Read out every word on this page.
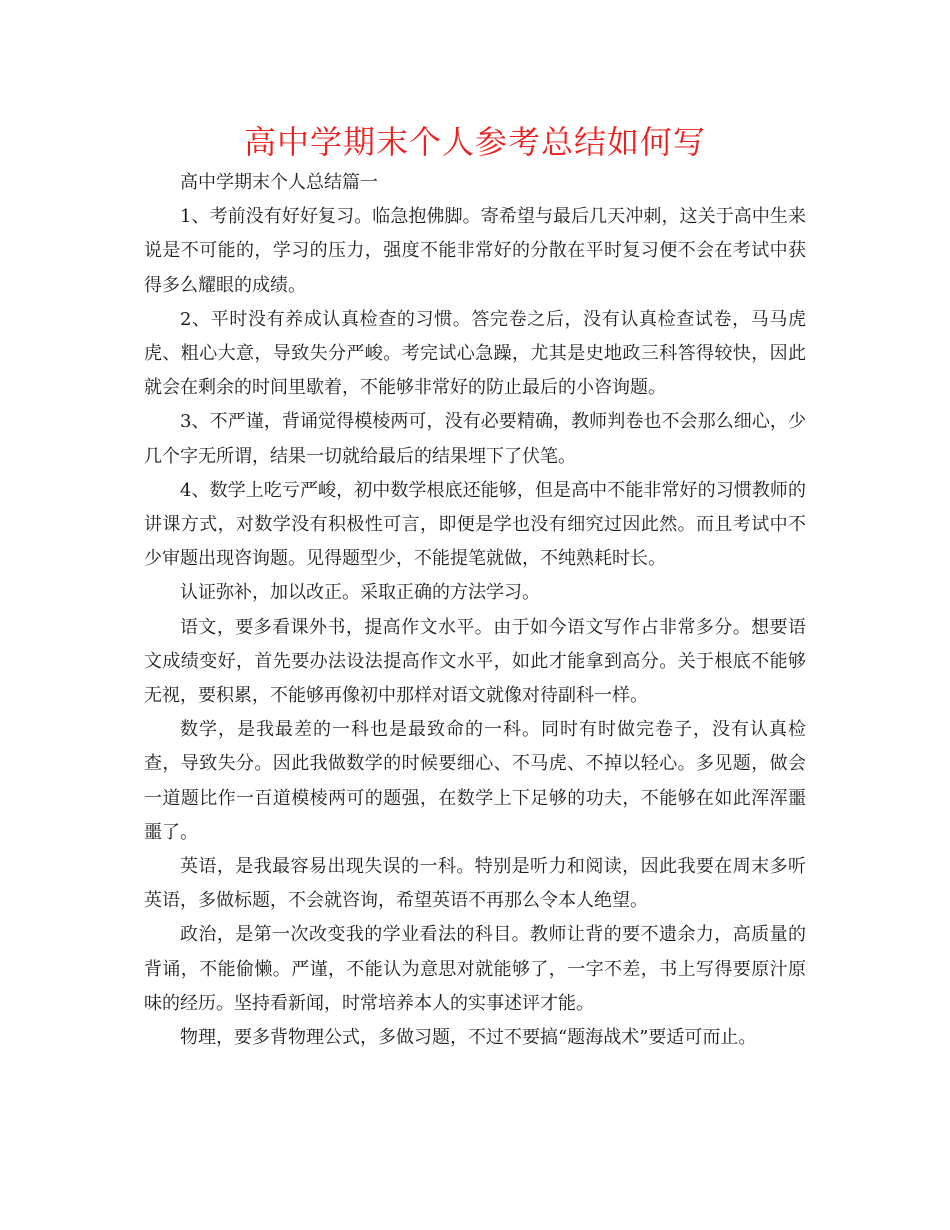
高中学期末个人参考总结如何写

高中学期末个人总结篇一

1、考前没有好好复习。临急抱佛脚。寄希望与最后几天冲刺，这关于高中生来说是不可能的，学习的压力，强度不能非常好的分散在平时复习便不会在考试中获得多么耀眼的成绩。

2、平时没有养成认真检查的习惯。答完卷之后，没有认真检查试卷，马马虎虎、粗心大意，导致失分严峻。考完试心急躁，尤其是史地政三科答得较快，因此就会在剩余的时间里歇着，不能够非常好的防止最后的小咨询题。

3、不严谨，背诵觉得模棱两可，没有必要精确，教师判卷也不会那么细心，少几个字无所谓，结果一切就给最后的结果埋下了伏笔。

4、数学上吃亏严峻，初中数学根底还能够，但是高中不能非常好的习惯教师的讲课方式，对数学没有积极性可言，即便是学也没有细究过因此然。而且考试中不少审题出现咨询题。见得题型少，不能提笔就做，不纯熟耗时长。

认证弥补，加以改正。采取正确的方法学习。

语文，要多看课外书，提高作文水平。由于如今语文写作占非常多分。想要语文成绩变好，首先要办法设法提高作文水平，如此才能拿到高分。关于根底不能够无视，要积累，不能够再像初中那样对语文就像对待副科一样。

数学，是我最差的一科也是最致命的一科。同时有时做完卷子，没有认真检查，导致失分。因此我做数学的时候要细心、不马虎、不掉以轻心。多见题，做会一道题比作一百道模棱两可的题强，在数学上下足够的功夫，不能够在如此浑浑噩噩了。

英语，是我最容易出现失误的一科。特别是听力和阅读，因此我要在周末多听英语，多做标题，不会就咨询，希望英语不再那么令本人绝望。

政治，是第一次改变我的学业看法的科目。教师让背的要不遗余力，高质量的背诵，不能偷懒。严谨，不能认为意思对就能够了，一字不差，书上写得要原汁原味的经历。坚持看新闻，时常培养本人的实事述评才能。

物理，要多背物理公式，多做习题，不过不要搞“题海战术”要适可而止。
